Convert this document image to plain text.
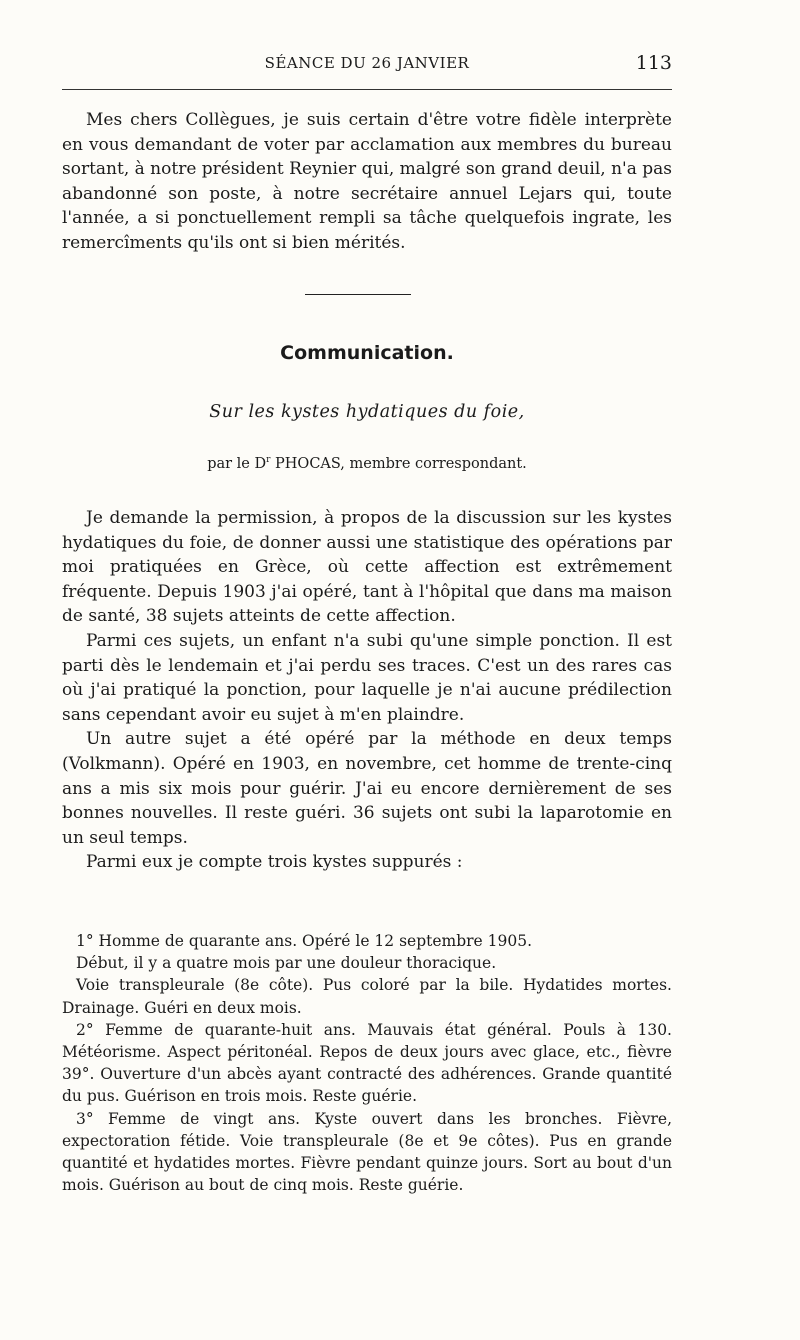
SÉANCE DU 26 JANVIER	113

Mes chers Collègues, je suis certain d'être votre fidèle interprète en vous demandant de voter par acclamation aux membres du bureau sortant, à notre président Reynier qui, malgré son grand deuil, n'a pas abandonné son poste, à notre secrétaire annuel Lejars qui, toute l'année, a si ponctuellement rempli sa tâche quelquefois ingrate, les remercîments qu'ils ont si bien mérités.

Communication.
Sur les kystes hydatiques du foie,
par le $D^r$ PHOCAS, membre correspondant.

Je demande la permission, à propos de la discussion sur les kystes hydatiques du foie, de donner aussi une statistique des opérations par moi pratiquées en Grèce, où cette affection est extrêmement fréquente. Depuis 1903 j'ai opéré, tant à l'hôpital que dans ma maison de santé, 38 sujets atteints de cette affection.

Parmi ces sujets, un enfant n'a subi qu'une simple ponction. Il est parti dès le lendemain et j'ai perdu ses traces. C'est un des rares cas où j'ai pratiqué la ponction, pour laquelle je n'ai aucune prédilection sans cependant avoir eu sujet à m'en plaindre.

Un autre sujet a été opéré par la méthode en deux temps (Volkmann). Opéré en 1903, en novembre, cet homme de trente-cinq ans a mis six mois pour guérir. J'ai eu encore dernièrement de ses bonnes nouvelles. Il reste guéri. 36 sujets ont subi la laparotomie en un seul temps.

Parmi eux je compte trois kystes suppurés :

1° Homme de quarante ans. Opéré le 12 septembre 1905.

Début, il y a quatre mois par une douleur thoracique.

Voie transpleurale (8e côte). Pus coloré par la bile. Hydatides mortes. Drainage. Guéri en deux mois.

2° Femme de quarante-huit ans. Mauvais état général. Pouls à 130. Météorisme. Aspect péritonéal. Repos de deux jours avec glace, etc., fièvre 39°. Ouverture d'un abcès ayant contracté des adhérences. Grande quantité du pus. Guérison en trois mois. Reste guérie.

3° Femme de vingt ans. Kyste ouvert dans les bronches. Fièvre, expectoration fétide. Voie transpleurale (8e et 9e côtes). Pus en grande quantité et hydatides mortes. Fièvre pendant quinze jours. Sort au bout d'un mois. Guérison au bout de cinq mois. Reste guérie.
